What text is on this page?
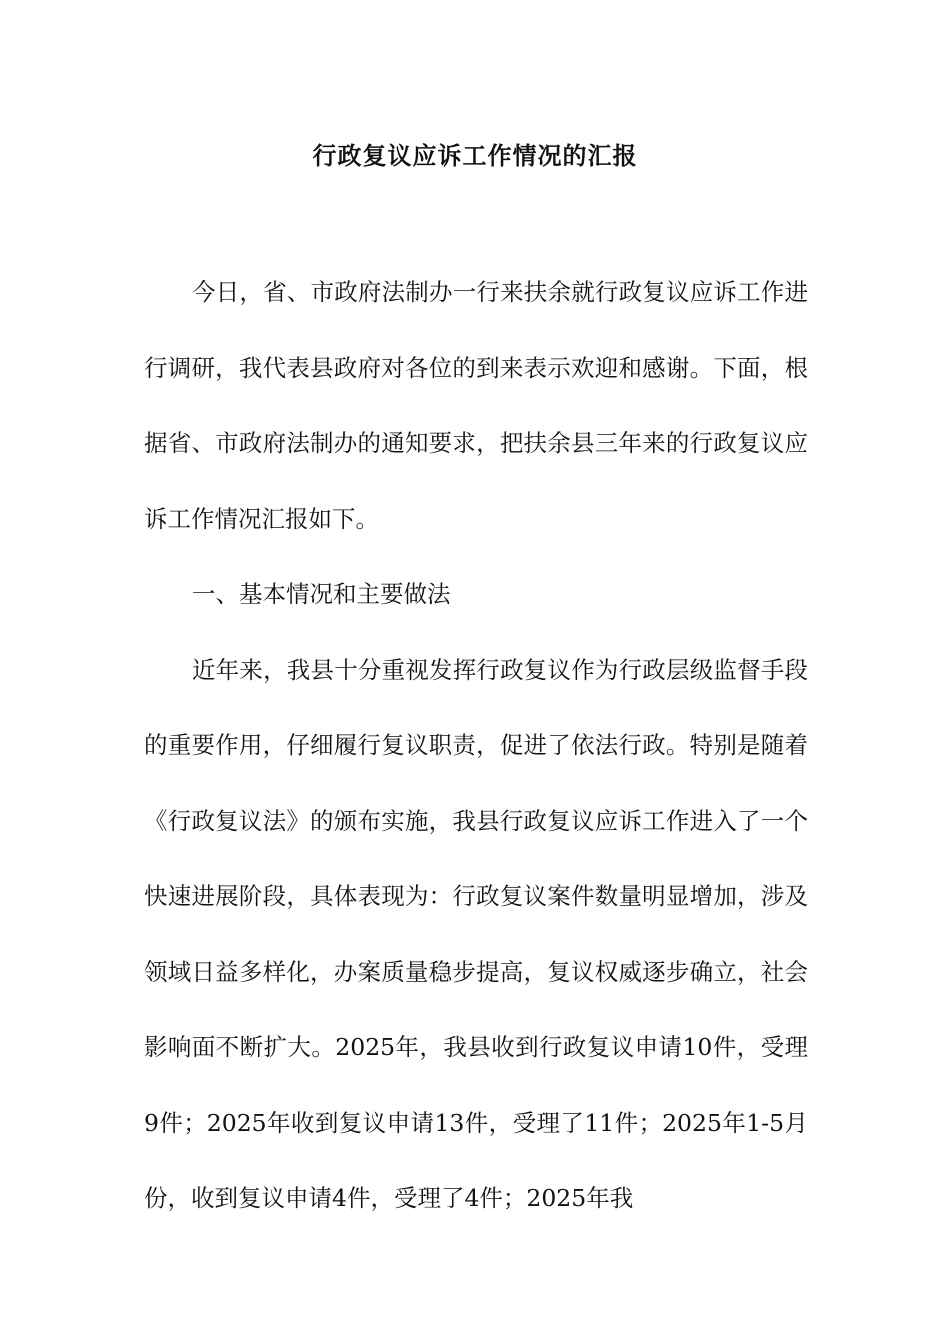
行政复议应诉工作情况的汇报

今日，省、市政府法制办一行来扶余就行政复议应诉工作进行调研，我代表县政府对各位的到来表示欢迎和感谢。下面，根据省、市政府法制办的通知要求，把扶余县三年来的行政复议应诉工作情况汇报如下。

一、基本情况和主要做法

近年来，我县十分重视发挥行政复议作为行政层级监督手段的重要作用，仔细履行复议职责，促进了依法行政。特别是随着《行政复议法》的颁布实施，我县行政复议应诉工作进入了一个快速进展阶段，具体表现为：行政复议案件数量明显增加，涉及领域日益多样化，办案质量稳步提高，复议权威逐步确立，社会影响面不断扩大。2025年，我县收到行政复议申请10件，受理9件；2025年收到复议申请13件，受理了11件；2025年1-5月份，收到复议申请4件，受理了4件；2025年我
